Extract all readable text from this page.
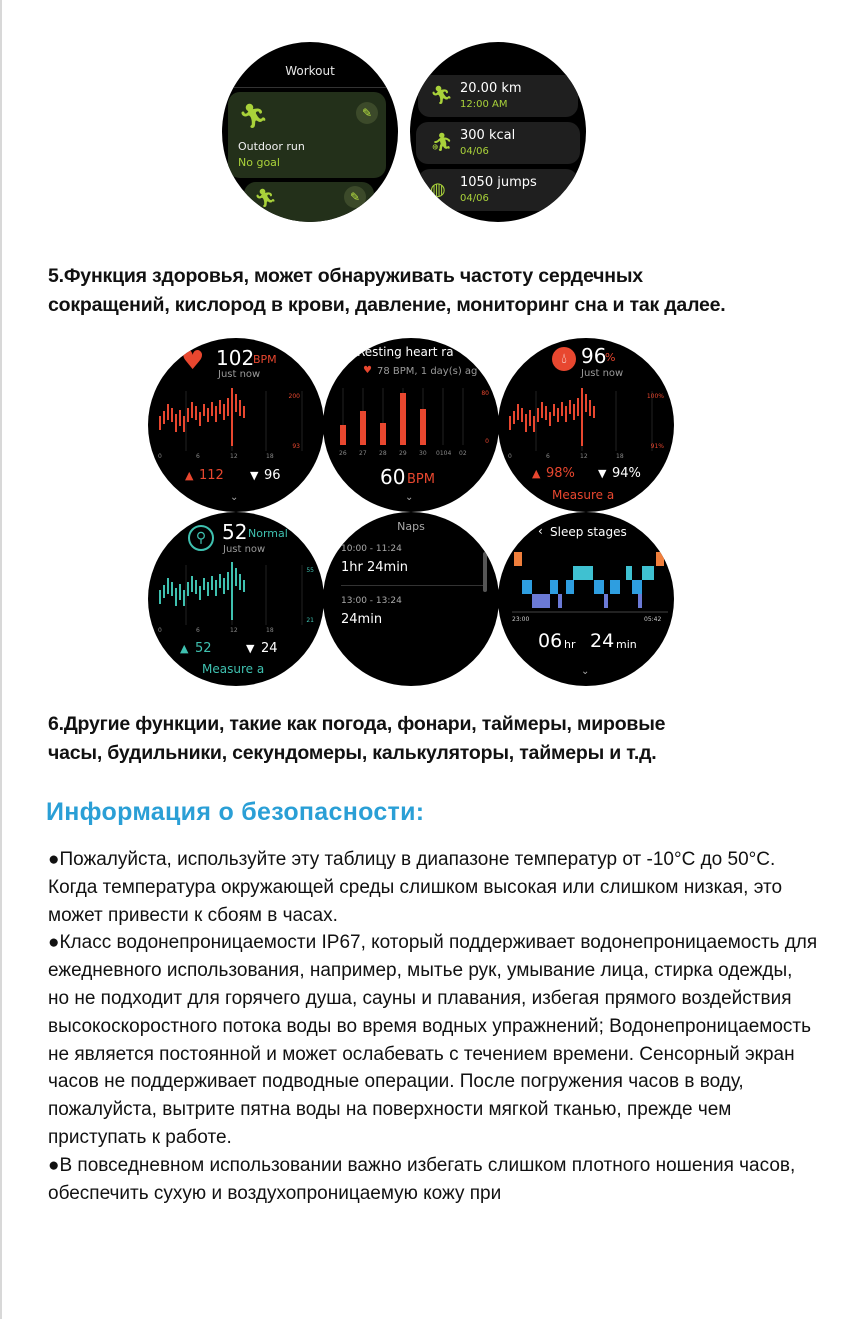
Workout
🏃︎	✎
Outdoor run
No goal
🏃︎	✎
🏃︎ 20.00 km
12:00 AM
⛹︎ 300 kcal
04/06
◍ 1050 jumps
04/06
5.Функция здоровья, может обнаруживать частоту сердечных
сокращений, кислород в крови, давление, мониторинг сна и так далее.
♥ 102
BPM
Just now
200
93
0	6	12	18
▲ 112 ▼ 96
⌄
Resting heart ra
♥ 78 BPM, 1 day(s) ag
80
0
26 27 28 29 30 0104 02
60 BPM
⌄
💧︎ 96
%
Just now
100%
91%
0	6	12	18
▲ 98% ▼ 94%
Measure a
⚲ 52 Normal
Just now
55
21
0	6	12	18
▲ 52	▼ 24
Measure a
Naps
10:00 - 11:24
1hr 24min
13:00 - 13:24
24min
‹ Sleep stages
23:00	05:42
06 hr 24 min
⌄
6.Другие функции, такие как погода, фонари, таймеры, мировые
часы, будильники, секундомеры, калькуляторы, таймеры и т.д.
Информация о безопасности:

●Пожалуйста, используйте эту таблицу в диапазоне температур от -10°C до 50°C. Когда температура окружающей среды слишком высокая или слишком низкая, это может привести к сбоям в часах.

●Класс водонепроницаемости IP67, который поддерживает водонепроницаемость для ежедневного использования, например, мытье рук, умывание лица, стирка одежды, но не подходит для горячего душа, сауны и плавания, избегая прямого воздействия высокоскоростного потока воды во время водных упражнений; Водонепроницаемость не является постоянной и может ослабевать с течением времени. Сенсорный экран часов не поддерживает подводные операции. После погружения часов в воду, пожалуйста, вытрите пятна воды на поверхности мягкой тканью, прежде чем приступать к работе.

●В повседневном использовании важно избегать слишком плотного ношения часов, обеспечить сухую и воздухопроницаемую кожу при
